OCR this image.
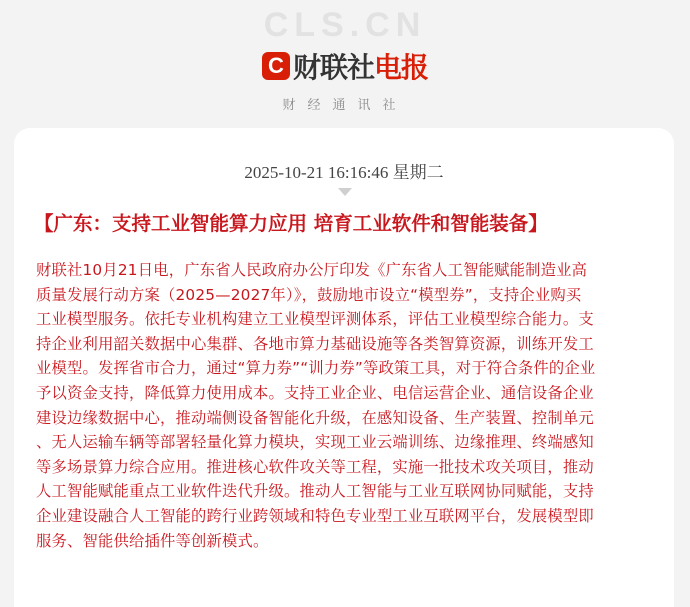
CLS.CN
C 财联社 电报
财经通讯社
2025-10-21 16:16:46 星期二
【广东：支持工业智能算力应用 培育工业软件和智能装备】
财联社10月21日电，广东省人民政府办公厅印发《广东省人工智能赋能制造业高
质量发展行动方案（2025—2027年）》，鼓励地市设立“模型券”，支持企业购买
工业模型服务。依托专业机构建立工业模型评测体系，评估工业模型综合能力。支
持企业利用韶关数据中心集群、各地市算力基础设施等各类智算资源，训练开发工
业模型。发挥省市合力，通过“算力券”“训力券”等政策工具，对于符合条件的企业
予以资金支持，降低算力使用成本。支持工业企业、电信运营企业、通信设备企业
建设边缘数据中心，推动端侧设备智能化升级，在感知设备、生产装置、控制单元
、无人运输车辆等部署轻量化算力模块，实现工业云端训练、边缘推理、终端感知
等多场景算力综合应用。推进核心软件攻关等工程，实施一批技术攻关项目，推动
人工智能赋能重点工业软件迭代升级。推动人工智能与工业互联网协同赋能，支持
企业建设融合人工智能的跨行业跨领域和特色专业型工业互联网平台，发展模型即
服务、智能供给插件等创新模式。
